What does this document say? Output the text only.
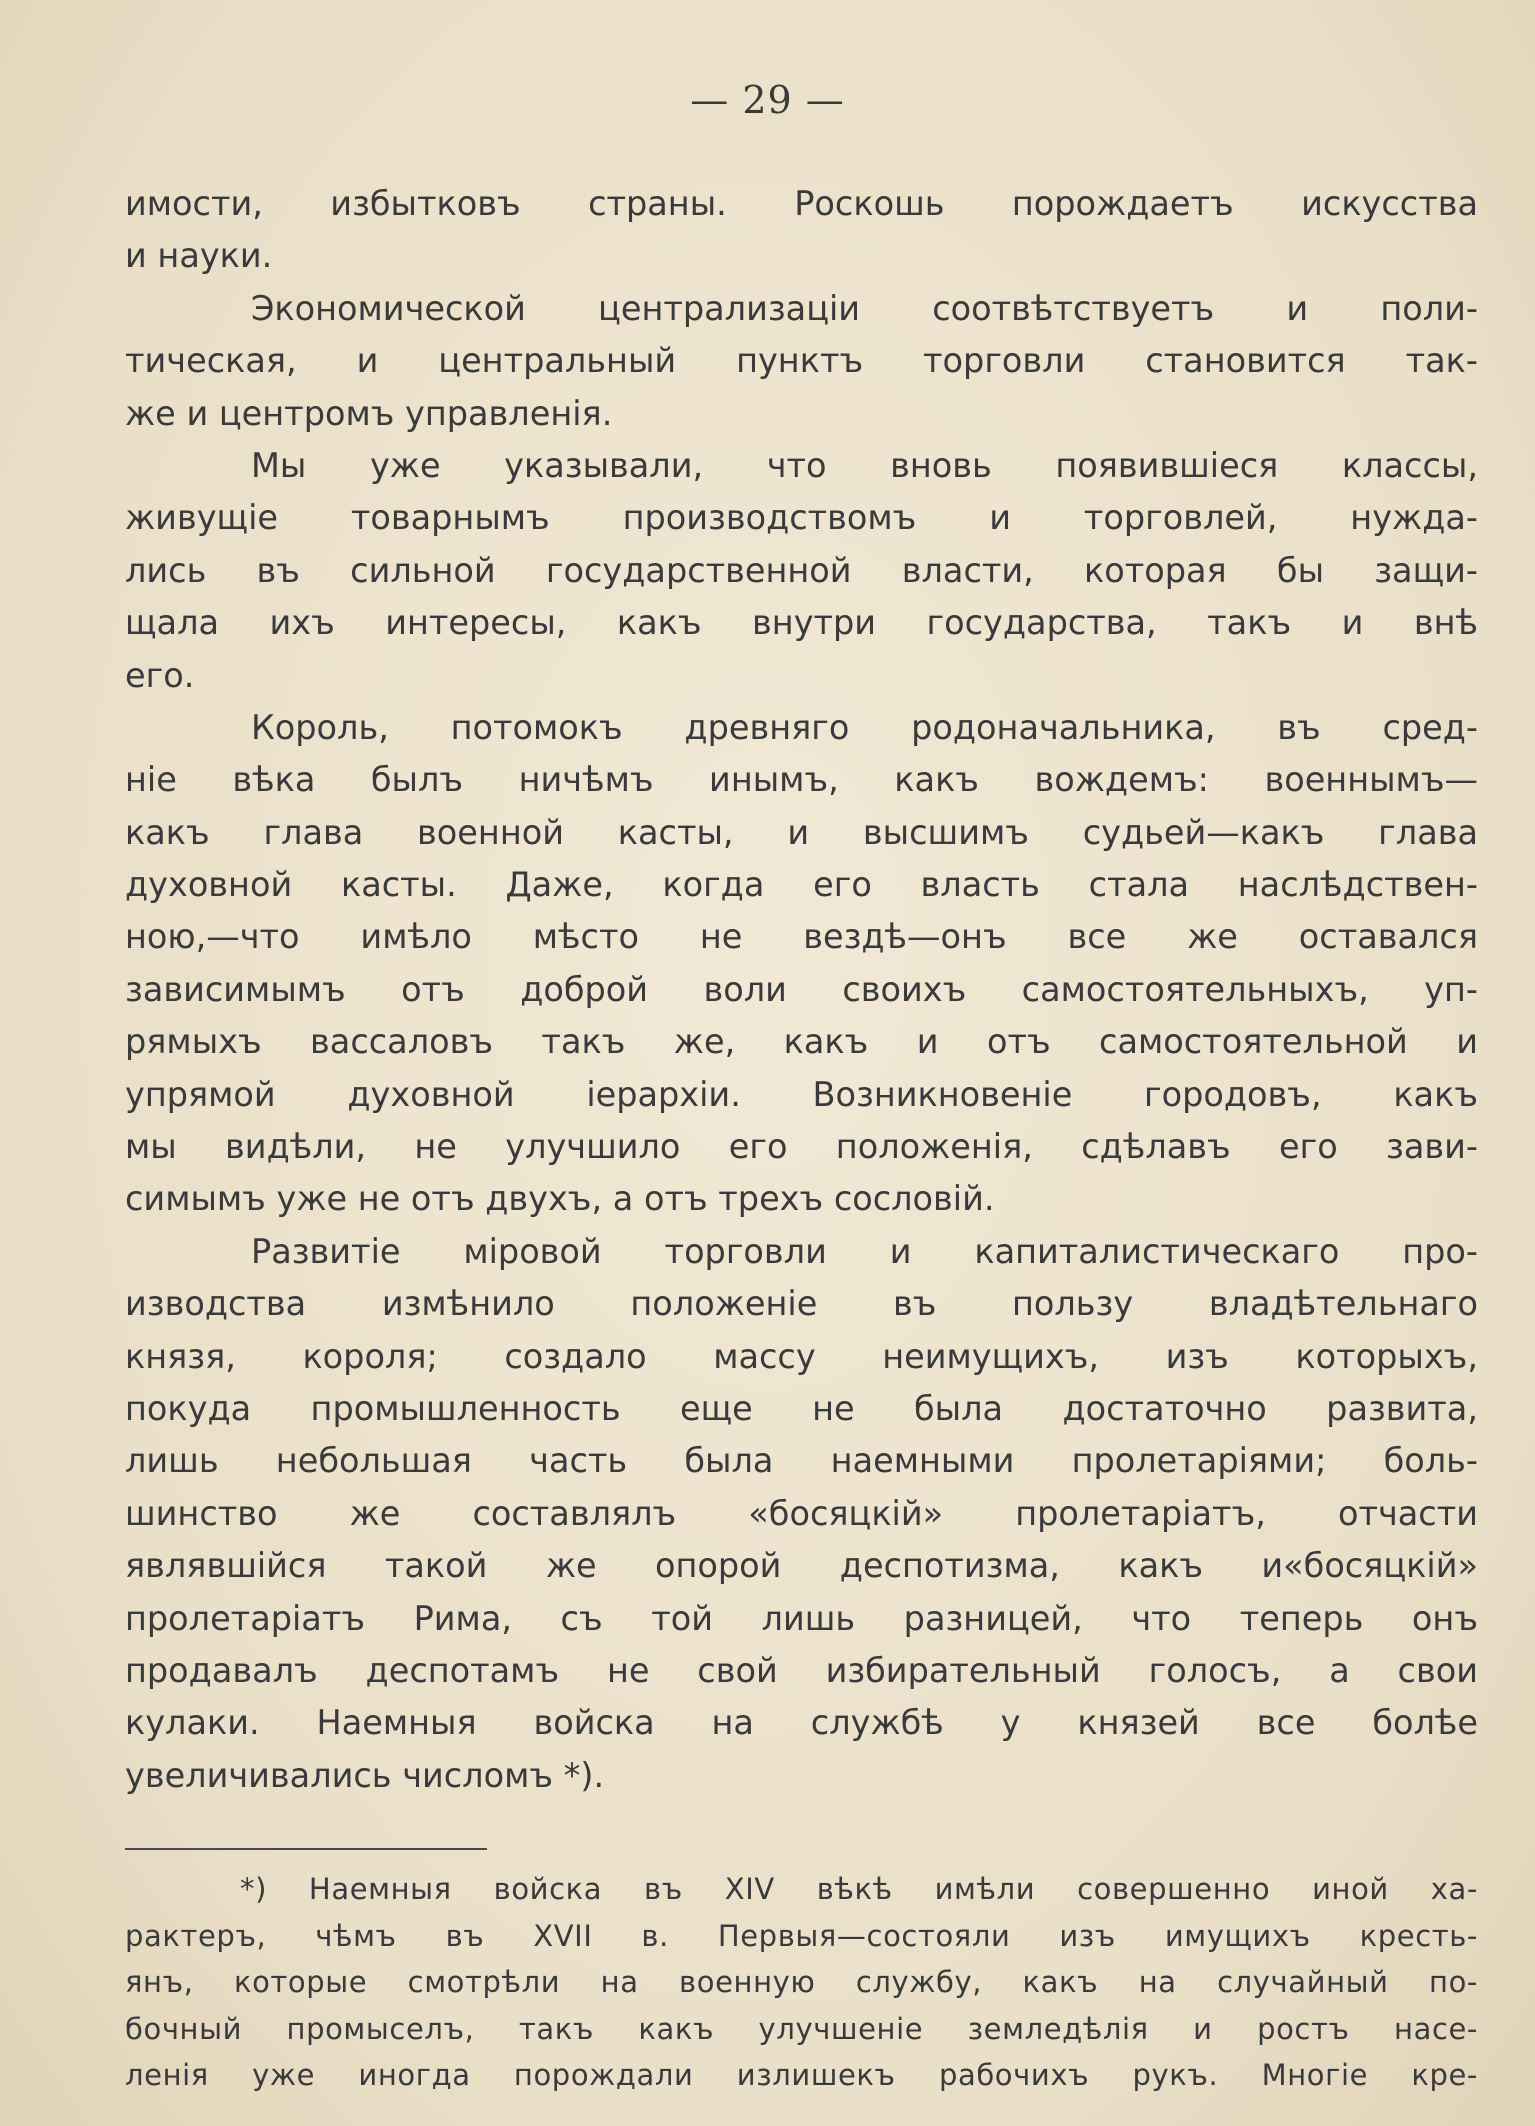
— 29 —
имости, избытковъ страны. Роскошь порождаетъ искусства
и науки.
Экономической централизаціи соотвѣтствуетъ и поли-
тическая, и центральный пунктъ торговли становится так-
же и центромъ управленія.
Мы уже указывали, что вновь появившіеся классы,
живущіе товарнымъ производствомъ и торговлей, нужда-
лись въ сильной государственной власти, которая бы защи-
щала ихъ интересы, какъ внутри государства, такъ и внѣ
его.
Король, потомокъ древняго родоначальника, въ сред-
ніе вѣка былъ ничѣмъ инымъ, какъ вождемъ: военнымъ—
какъ глава военной касты, и высшимъ судьей—какъ глава
духовной касты. Даже, когда его власть стала наслѣдствен-
ною,—что имѣло мѣсто не вездѣ—онъ все же оставался
зависимымъ отъ доброй воли своихъ самостоятельныхъ, уп-
рямыхъ вассаловъ такъ же, какъ и отъ самостоятельной и
упрямой духовной іерархіи. Возникновеніе городовъ, какъ
мы видѣли, не улучшило его положенія, сдѣлавъ его зави-
симымъ уже не отъ двухъ, а отъ трехъ сословій.
Развитіе міровой торговли и капиталистическаго про-
изводства измѣнило положеніе въ пользу владѣтельнаго
князя, короля; создало массу неимущихъ, изъ которыхъ,
покуда промышленность еще не была достаточно развита,
лишь небольшая часть была наемными пролетаріями; боль-
шинство же составлялъ «босяцкій» пролетаріатъ, отчасти
являвшійся такой же опорой деспотизма, какъ и«босяцкій»
пролетаріатъ Рима, съ той лишь разницей, что теперь онъ
продавалъ деспотамъ не свой избирательный голосъ, а свои
кулаки. Наемныя войска на службѣ у князей все болѣе
увеличивались числомъ *).
*) Наемныя войска въ XIV вѣкѣ имѣли совершенно иной ха-
рактеръ, чѣмъ въ XVII в. Первыя—состояли изъ имущихъ кресть-
янъ, которые смотрѣли на военную службу, какъ на случайный по-
бочный промыселъ, такъ какъ улучшеніе земледѣлія и ростъ насе-
ленія уже иногда порождали излишекъ рабочихъ рукъ. Многіе кре-
